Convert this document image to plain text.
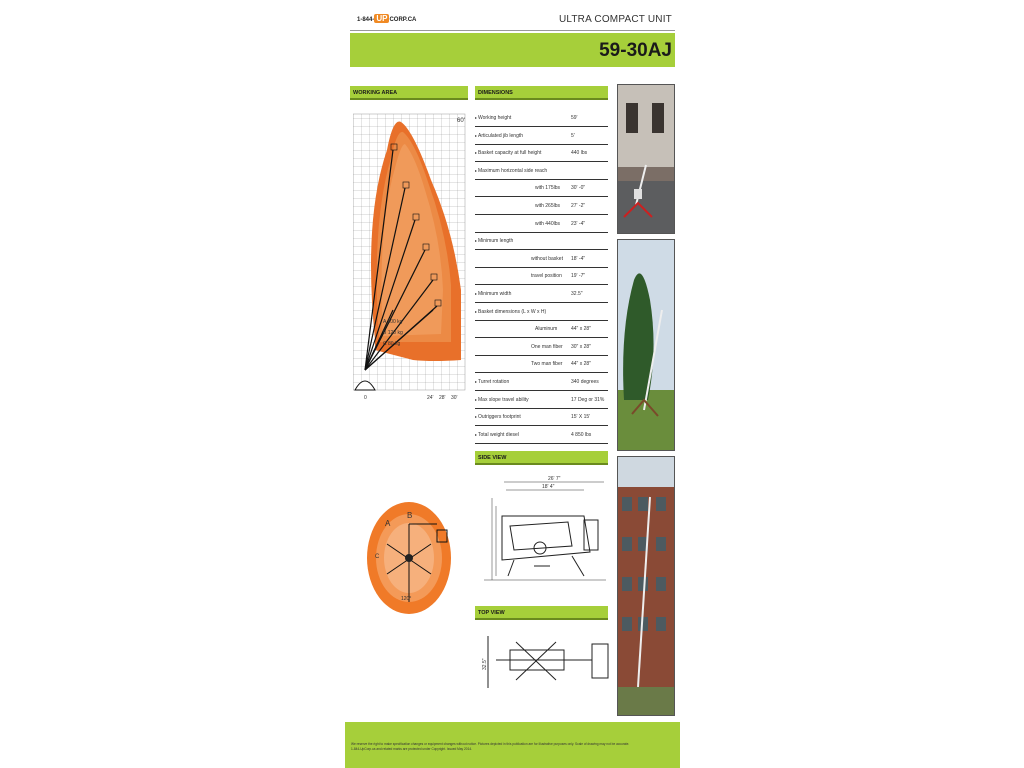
1-844- UP CORP.CA	ULTRA COMPACT UNIT
59-30AJ
WORKING AREA	DIMENSIONS
SIDE VIEW
TOP VIEW
60'
0	24' 28' 30'
A 200 kg
B 120 kg
C 80 kg
A
B
C
120°
▸ Working height	59'
▸ Articulated jib length	5'
▸ Basket capacity at full height	440 lbs
▸ Maximum horizontal side reach
with 175lbs 30' -0"
with 265lbs 27' -2"
with 440lbs 23' -4"
▸ Minimum length
without basket 18' -4"
travel position 19' -7"
▸ Minimum width	32.5"
▸ Basket dimensions (L x W x H)
Aluminum	44" x 28"
One man fiber 30" x 28"
Two man fiber 44" x 28"
▸ Turret rotation	340 degrees
▸ Max slope travel ability	17 Deg or 31%
▸ Outriggers footprint	15' X 15'
▸ Total weight diesel	4 850 lbs
26' 7"
18' 4"
32.5"
We reserve the right to make specification changes or equipment changes without notice. Pictures depicted in this publication are for illustrative purposes only. Scale of drawing may not be accurate.
1-844-UpCorp.ca and related marks are protected under Copyright. Issued May 2014.
